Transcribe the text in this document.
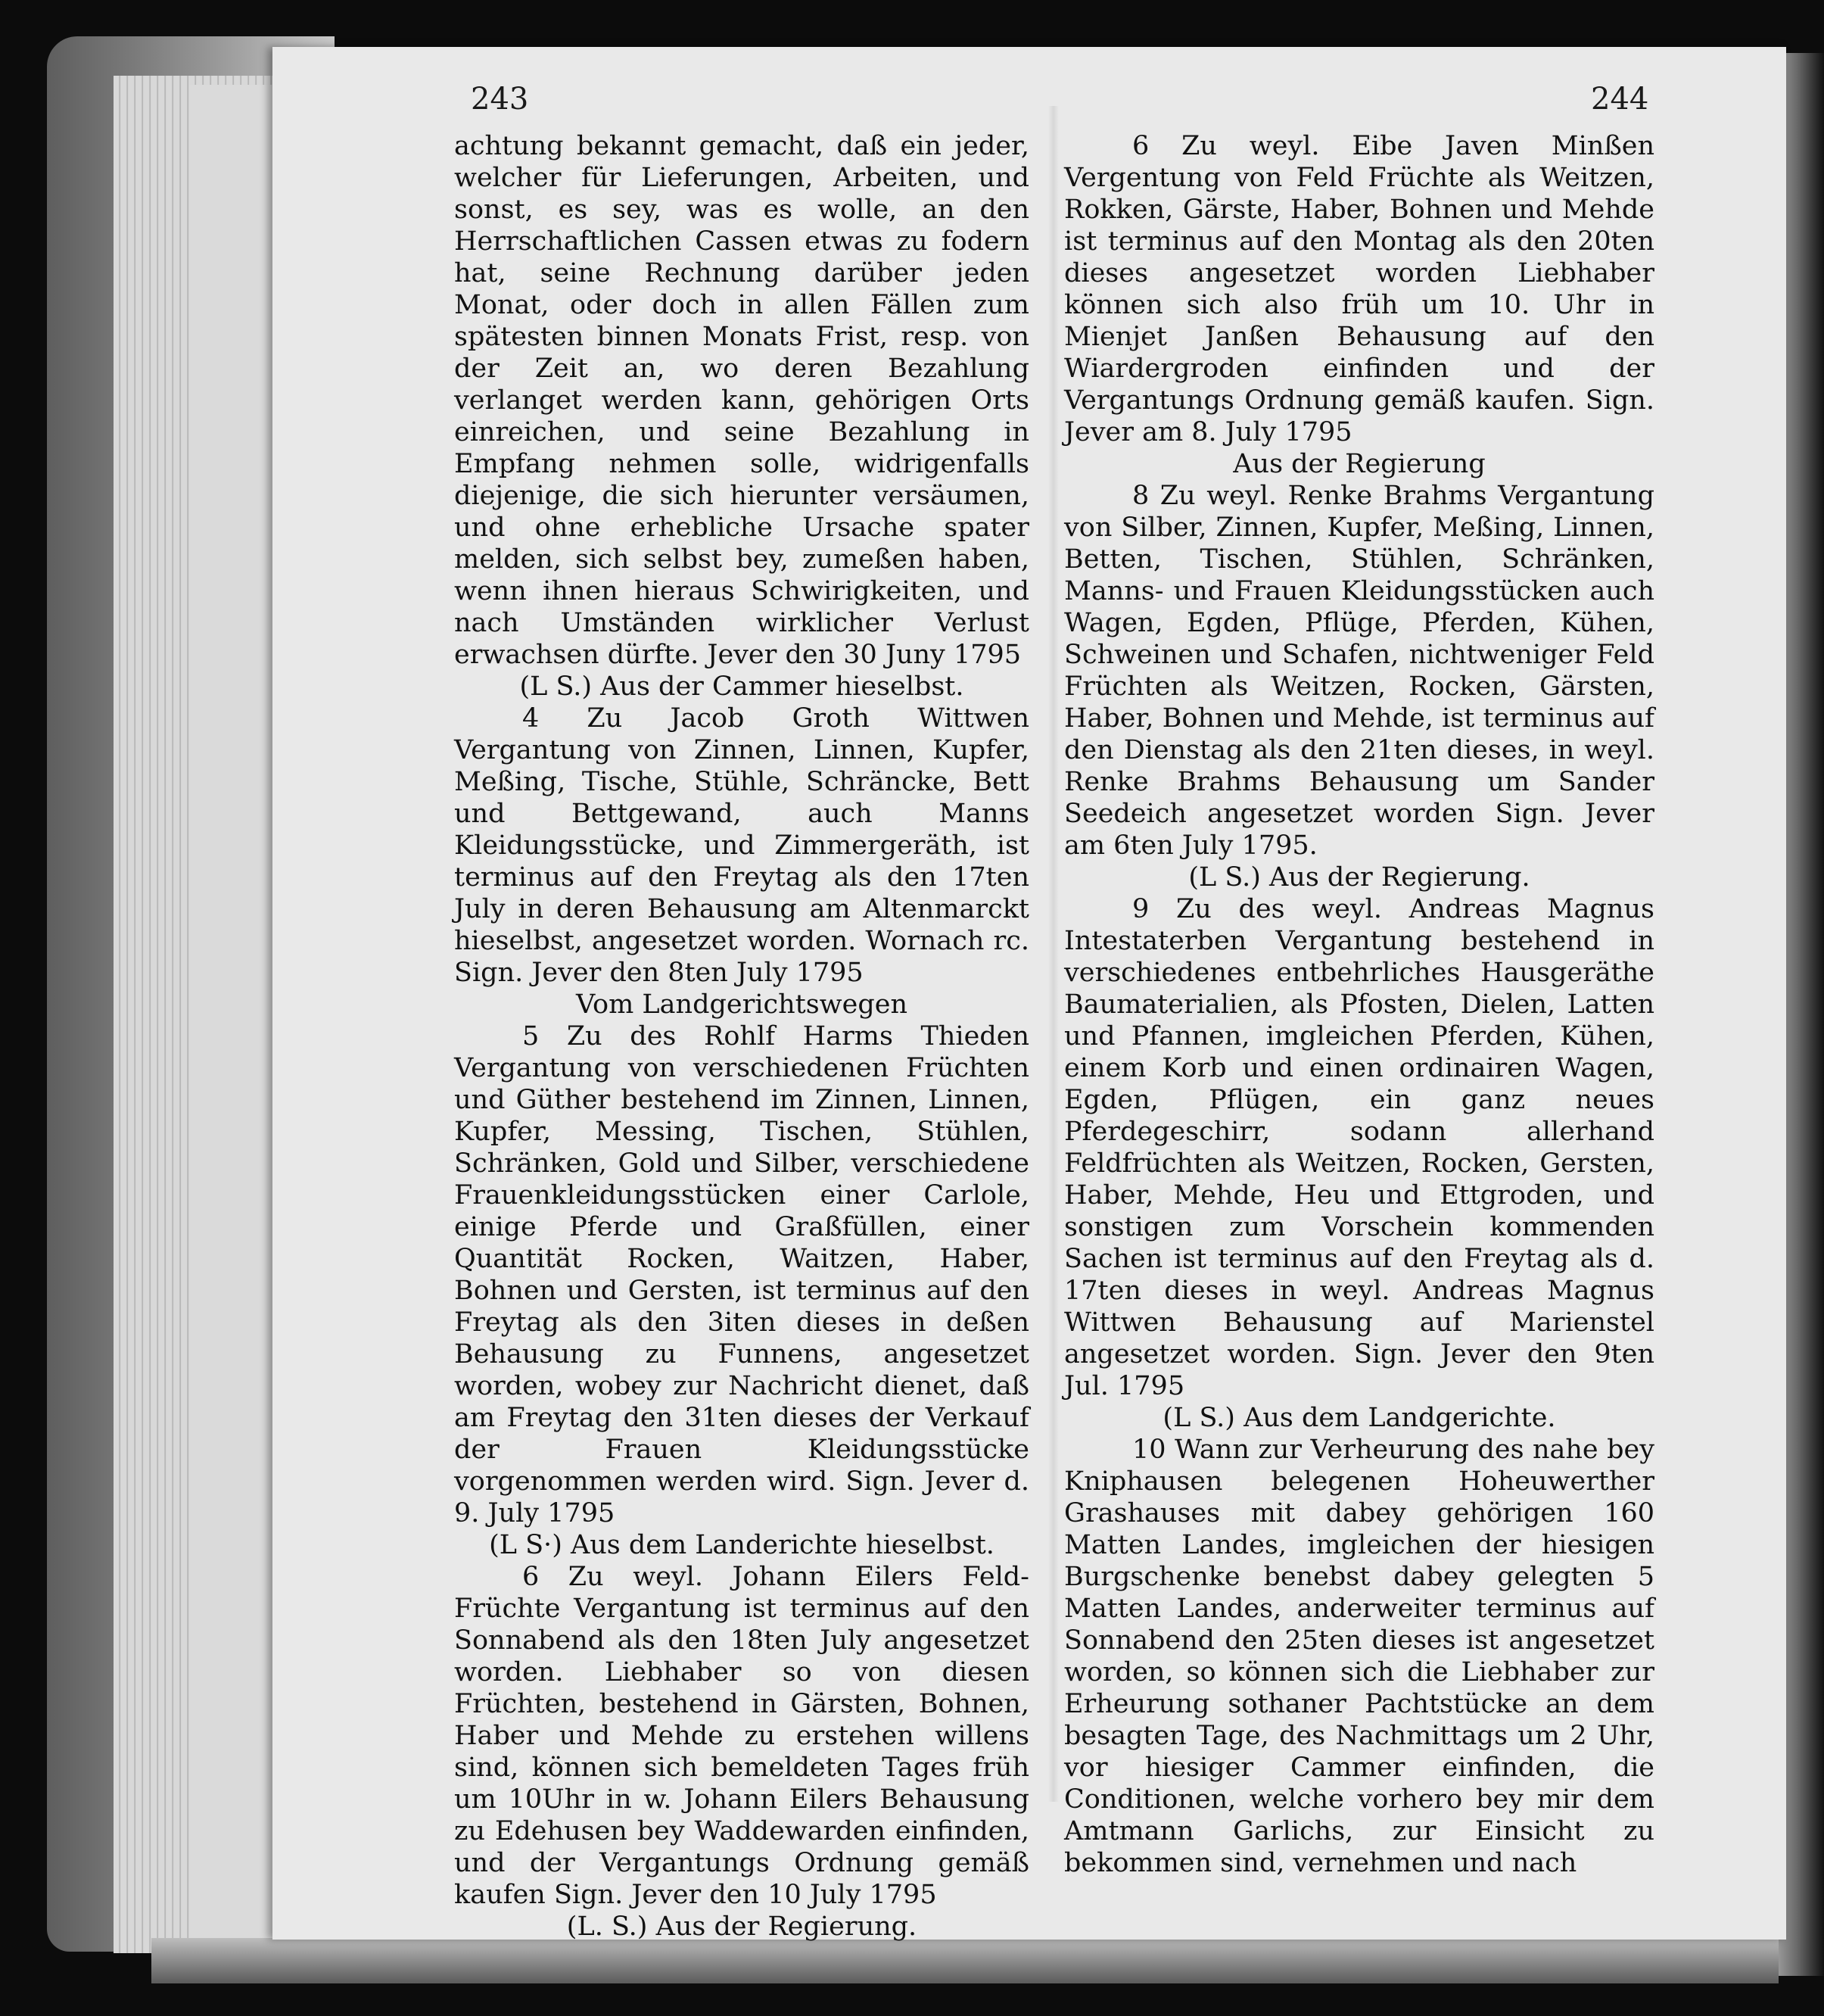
243	244

achtung bekannt gemacht, daß ein jeder, welcher für Lieferungen, Arbeiten, und sonst, es sey, was es wolle, an den Herrschaftlichen Cassen etwas zu fodern hat, seine Rechnung darüber jeden Monat, oder doch in allen Fällen zum spätesten binnen Monats Frist, resp. von der Zeit an, wo deren Bezahlung verlanget werden kann, gehörigen Orts einreichen, und seine Bezahlung in Empfang nehmen solle, widrigenfalls diejenige, die sich hierunter versäumen, und ohne erhebliche Ursache spater melden, sich selbst bey, zumeßen haben, wenn ihnen hieraus Schwirigkeiten, und nach Umständen wirklicher Verlust erwachsen dürfte. Jever den 30 Juny 1795

(L S.) Aus der Cammer hieselbst.

4 Zu Jacob Groth Wittwen Vergantung von Zinnen, Linnen, Kupfer, Meßing, Tische, Stühle, Schräncke, Bett und Bettgewand, auch Manns Kleidungsstücke, und Zimmergeräth, ist terminus auf den Freytag als den 17ten July in deren Behausung am Altenmarckt hieselbst, angesetzet worden. Wornach rc. Sign. Jever den 8ten July 1795

Vom Landgerichtswegen

5 Zu des Rohlf Harms Thieden Vergantung von verschiedenen Früchten und Güther bestehend im Zinnen, Linnen, Kupfer, Messing, Tischen, Stühlen, Schränken, Gold und Silber, verschiedene Frauenkleidungsstücken einer Carlole, einige Pferde und Graßfüllen, einer Quantität Rocken, Waitzen, Haber, Bohnen und Gersten, ist terminus auf den Freytag als den 3iten dieses in deßen Behausung zu Funnens, angesetzet worden, wobey zur Nachricht dienet, daß am Freytag den 31ten dieses der Verkauf der Frauen Kleidungsstücke vorgenommen werden wird. Sign. Jever d. 9. July 1795

(L S·) Aus dem Landerichte hieselbst.

6 Zu weyl. Johann Eilers Feld-Früchte Vergantung ist terminus auf den Sonnabend als den 18ten July angesetzet worden. Liebhaber so von diesen Früchten, bestehend in Gärsten, Bohnen, Haber und Mehde zu erstehen willens sind, können sich bemeldeten Tages früh um 10Uhr in w. Johann Eilers Behausung zu Edehusen bey Waddewarden einfinden, und der Vergantungs Ordnung gemäß kaufen Sign. Jever den 10 July 1795

(L. S.) Aus der Regierung.

6 Zu weyl. Eibe Javen Minßen Vergentung von Feld Früchte als Weitzen, Rokken, Gärste, Haber, Bohnen und Mehde ist terminus auf den Montag als den 20ten dieses angesetzet worden Liebhaber können sich also früh um 10. Uhr in Mienjet Janßen Behausung auf den Wiardergroden einfinden und der Vergantungs Ordnung gemäß kaufen. Sign. Jever am 8. July 1795

Aus der Regierung

8 Zu weyl. Renke Brahms Vergantung von Silber, Zinnen, Kupfer, Meßing, Linnen, Betten, Tischen, Stühlen, Schränken, Manns- und Frauen Kleidungsstücken auch Wagen, Egden, Pflüge, Pferden, Kühen, Schweinen und Schafen, nichtweniger Feld Früchten als Weitzen, Rocken, Gärsten, Haber, Bohnen und Mehde, ist terminus auf den Dienstag als den 21ten dieses, in weyl. Renke Brahms Behausung um Sander Seedeich angesetzet worden Sign. Jever am 6ten July 1795.

(L S.) Aus der Regierung.

9 Zu des weyl. Andreas Magnus Intestaterben Vergantung bestehend in verschiedenes entbehrliches Hausgeräthe Baumaterialien, als Pfosten, Dielen, Latten und Pfannen, imgleichen Pferden, Kühen, einem Korb und einen ordinairen Wagen, Egden, Pflügen, ein ganz neues Pferdegeschirr, sodann allerhand Feldfrüchten als Weitzen, Rocken, Gersten, Haber, Mehde, Heu und Ettgroden, und sonstigen zum Vorschein kommenden Sachen ist terminus auf den Freytag als d. 17ten dieses in weyl. Andreas Magnus Wittwen Behausung auf Marienstel angesetzet worden. Sign. Jever den 9ten Jul. 1795

(L S.) Aus dem Landgerichte.

10 Wann zur Verheurung des nahe bey Kniphausen belegenen Hoheuwerther Grashauses mit dabey gehörigen 160 Matten Landes, imgleichen der hiesigen Burgschenke benebst dabey gelegten 5 Matten Landes, anderweiter terminus auf Sonnabend den 25ten dieses ist angesetzet worden, so können sich die Liebhaber zur Erheurung sothaner Pachtstücke an dem besagten Tage, des Nachmittags um 2 Uhr, vor hiesiger Cammer einfinden, die Conditionen, welche vorhero bey mir dem Amtmann Garlichs, zur Einsicht zu bekommen sind, vernehmen und nach
